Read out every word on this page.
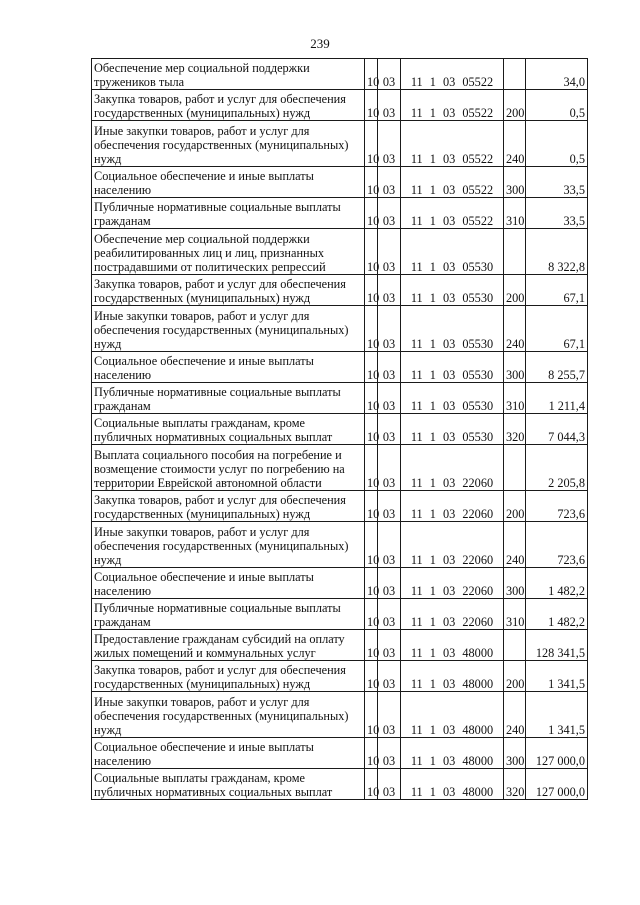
239
Обеспечение мер социальной поддержки тружеников тыла	10	03	11 1 03 05522		34,0
Закупка товаров, работ и услуг для обеспечения государственных (муниципальных) нужд	10	03	11 1 03 05522	200	0,5
Иные закупки товаров, работ и услуг для обеспечения государственных (муниципальных) нужд	10	03	11 1 03 05522	240	0,5
Социальное обеспечение и иные выплаты населению	10	03	11 1 03 05522	300	33,5
Публичные нормативные социальные выплаты гражданам	10	03	11 1 03 05522	310	33,5
Обеспечение мер социальной поддержки реабилитированных лиц и лиц, признанных пострадавшими от политических репрессий	10	03	11 1 03 05530		8 322,8
Закупка товаров, работ и услуг для обеспечения государственных (муниципальных) нужд	10	03	11 1 03 05530	200	67,1
Иные закупки товаров, работ и услуг для обеспечения государственных (муниципальных) нужд	10	03	11 1 03 05530	240	67,1
Социальное обеспечение и иные выплаты населению	10	03	11 1 03 05530	300	8 255,7
Публичные нормативные социальные выплаты гражданам	10	03	11 1 03 05530	310	1 211,4
Социальные выплаты гражданам, кроме публичных нормативных социальных выплат	10	03	11 1 03 05530	320	7 044,3
Выплата социального пособия на погребение и возмещение стоимости услуг по погребению на территории Еврейской автономной области	10	03	11 1 03 22060		2 205,8
Закупка товаров, работ и услуг для обеспечения государственных (муниципальных) нужд	10	03	11 1 03 22060	200	723,6
Иные закупки товаров, работ и услуг для обеспечения государственных (муниципальных) нужд	10	03	11 1 03 22060	240	723,6
Социальное обеспечение и иные выплаты населению	10	03	11 1 03 22060	300	1 482,2
Публичные нормативные социальные выплаты гражданам	10	03	11 1 03 22060	310	1 482,2
Предоставление гражданам субсидий на оплату жилых помещений и коммунальных услуг	10	03	11 1 03 48000		128 341,5
Закупка товаров, работ и услуг для обеспечения государственных (муниципальных) нужд	10	03	11 1 03 48000	200	1 341,5
Иные закупки товаров, работ и услуг для обеспечения государственных (муниципальных) нужд	10	03	11 1 03 48000	240	1 341,5
Социальное обеспечение и иные выплаты населению	10	03	11 1 03 48000	300	127 000,0
Социальные выплаты гражданам, кроме публичных нормативных социальных выплат	10	03	11 1 03 48000	320	127 000,0
